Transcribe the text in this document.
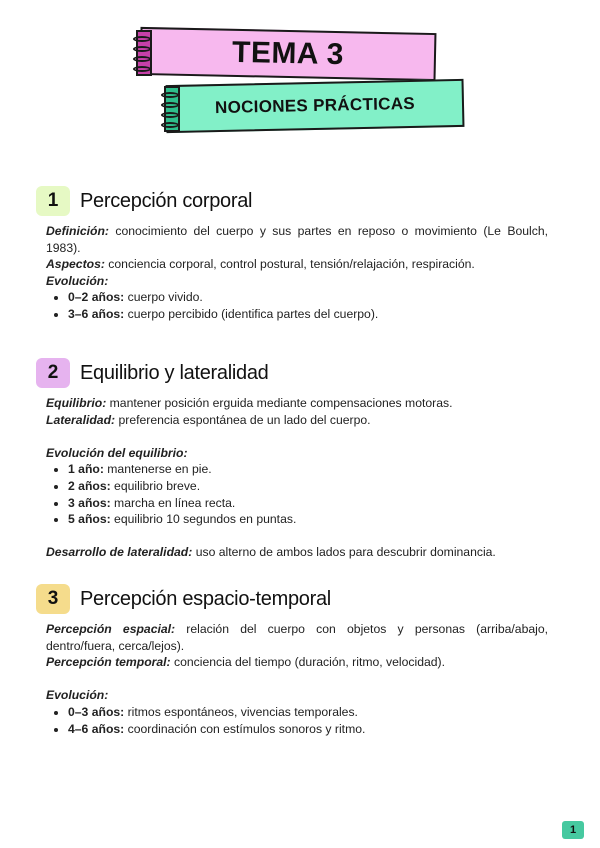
TEMA 3
NOCIONES PRÁCTICAS
1	Percepción corporal

Definición: conocimiento del cuerpo y sus partes en reposo o movimiento (Le Boulch, 1983).

Aspectos: conciencia corporal, control postural, tensión/relajación, respiración.

Evolución:

• 0–2 años: cuerpo vivido.
• 3–6 años: cuerpo percibido (identifica partes del cuerpo).
2	Equilibrio y lateralidad

Equilibrio: mantener posición erguida mediante compensaciones motoras.

Lateralidad: preferencia espontánea de un lado del cuerpo.

Evolución del equilibrio:

• 1 año: mantenerse en pie.
• 2 años: equilibrio breve.
• 3 años: marcha en línea recta.
• 5 años: equilibrio 10 segundos en puntas.

Desarrollo de lateralidad: uso alterno de ambos lados para descubrir dominancia.

3	Percepción espacio-temporal

Percepción espacial: relación del cuerpo con objetos y personas (arriba/abajo, dentro/fuera, cerca/lejos).

Percepción temporal: conciencia del tiempo (duración, ritmo, velocidad).

Evolución:

• 0–3 años: ritmos espontáneos, vivencias temporales.
• 4–6 años: coordinación con estímulos sonoros y ritmo.
1
